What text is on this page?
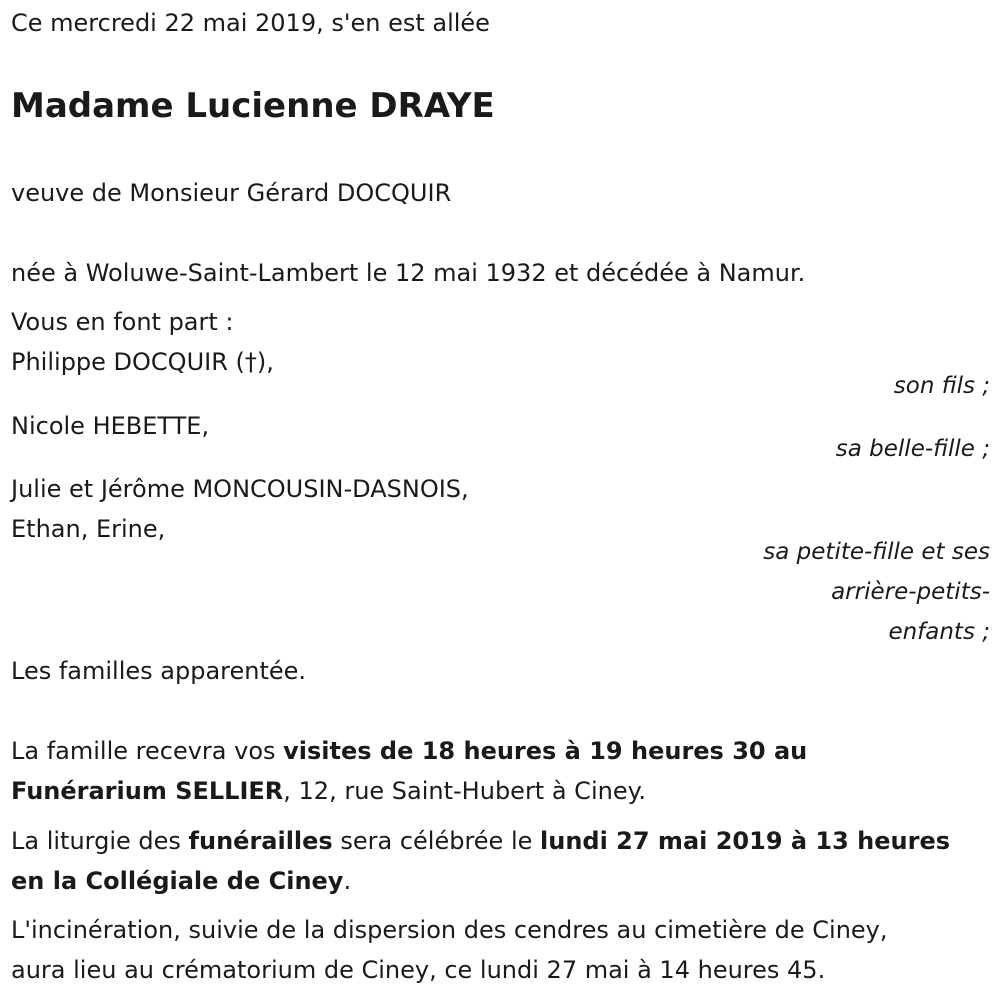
Ce mercredi 22 mai 2019, s'en est allée
Madame Lucienne DRAYE
veuve de Monsieur Gérard DOCQUIR
née à Woluwe-Saint-Lambert le 12 mai 1932 et décédée à Namur.
Vous en font part :
Philippe DOCQUIR (†),
son fils ;
Nicole HEBETTE,
sa belle-fille ;
Julie et Jérôme MONCOUSIN-DASNOIS,
Ethan, Erine,
sa petite-fille et ses
arrière-petits-
enfants ;
Les familles apparentée.
La famille recevra vos visites de 18 heures à 19 heures 30 au
Funérarium SELLIER, 12, rue Saint-Hubert à Ciney.
La liturgie des funérailles sera célébrée le lundi 27 mai 2019 à 13 heures
en la Collégiale de Ciney.
L'incinération, suivie de la dispersion des cendres au cimetière de Ciney,
aura lieu au crématorium de Ciney, ce lundi 27 mai à 14 heures 45.
